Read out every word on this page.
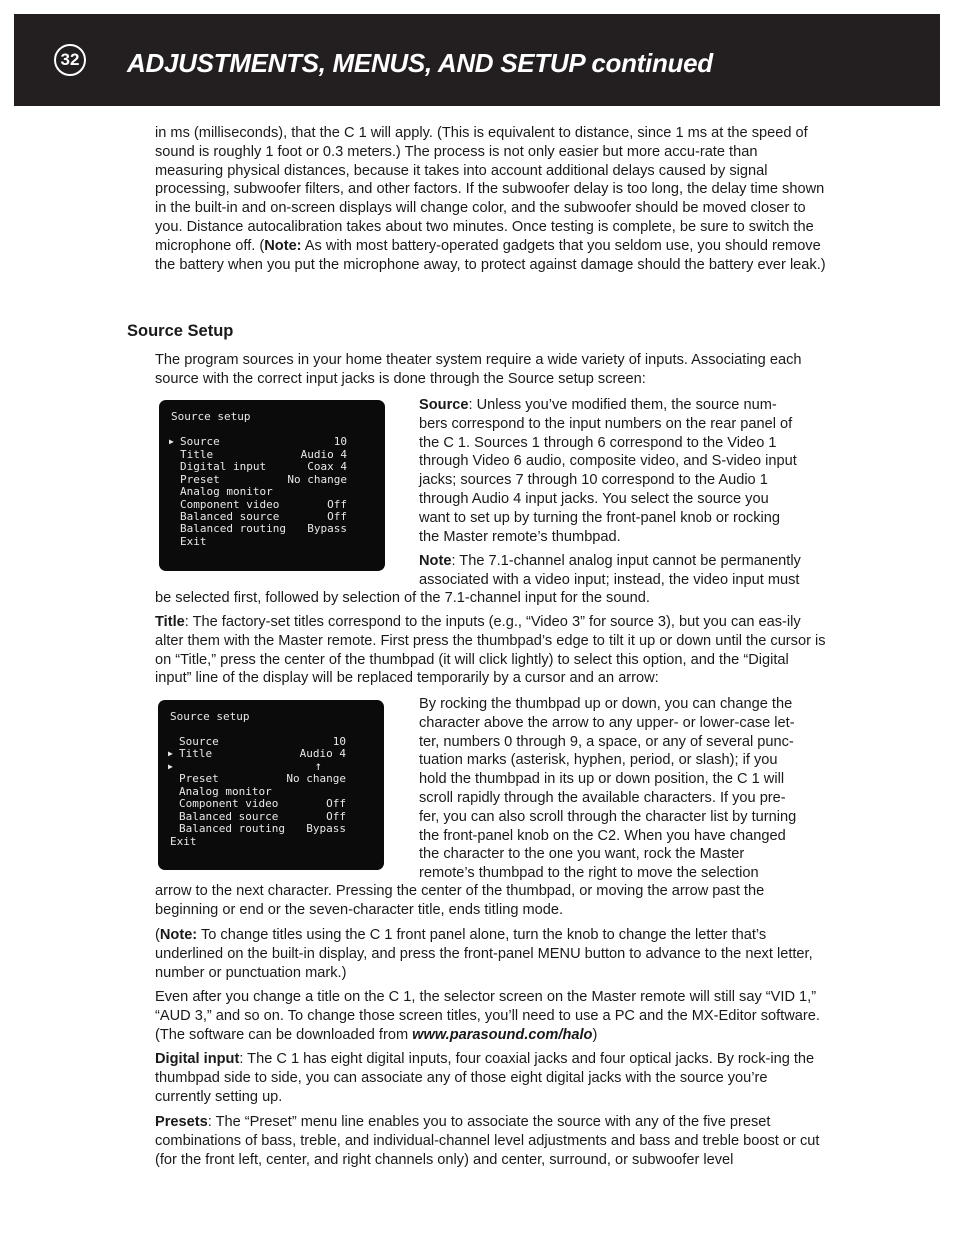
32 ADJUSTMENTS, MENUS, AND SETUP continued

in ms (milliseconds), that the C 1 will apply. (This is equivalent to distance, since 1 ms at the speed of sound is roughly 1 foot or 0.3 meters.) The process is not only easier but more accu-rate than measuring physical distances, because it takes into account additional delays caused by signal processing, subwoofer filters, and other factors. If the subwoofer delay is too long, the delay time shown in the built-in and on-screen displays will change color, and the subwoofer should be moved closer to you. Distance autocalibration takes about two minutes. Once testing is complete, be sure to switch the microphone off. (Note: As with most battery-operated gadgets that you seldom use, you should remove the battery when you put the microphone away, to protect against damage should the battery ever leak.)

Source Setup

The program sources in your home theater system require a wide variety of inputs. Associating each source with the correct input jacks is done through the Source setup screen:

Source setup
▶ Source	10
Title	Audio 4
Digital input	Coax 4
Preset	No change
Analog monitor
Component video	Off
Balanced source	Off
Balanced routing Bypass
Exit

Source: Unless you’ve modified them, the source num-
bers correspond to the input numbers on the rear panel of
the C 1. Sources 1 through 6 correspond to the Video 1
through Video 6 audio, composite video, and S-video input
jacks; sources 7 through 10 correspond to the Audio 1
through Audio 4 input jacks. You select the source you
want to set up by turning the front-panel knob or rocking
the Master remote’s thumbpad.

Note: The 7.1-channel analog input cannot be permanently
associated with a video input; instead, the video input must

be selected first, followed by selection of the 7.1-channel input for the sound.

Title: The factory-set titles correspond to the inputs (e.g., “Video 3” for source 3), but you can eas-ily alter them with the Master remote. First press the thumbpad’s edge to tilt it up or down until the cursor is on “Title,” press the center of the thumbpad (it will click lightly) to select this option, and the “Digital input” line of the display will be replaced temporarily by a cursor and an arrow:

Source setup
Source	10
▶ Title	Audio 4
▶	↑
Preset	No change
Analog monitor
Component video	Off
Balanced source	Off
Balanced routing Bypass
Exit

By rocking the thumbpad up or down, you can change the
character above the arrow to any upper- or lower-case let-
ter, numbers 0 through 9, a space, or any of several punc-
tuation marks (asterisk, hyphen, period, or slash); if you
hold the thumbpad in its up or down position, the C 1 will
scroll rapidly through the available characters. If you pre-
fer, you can also scroll through the character list by turning
the front-panel knob on the C2. When you have changed
the character to the one you want, rock the Master
remote’s thumbpad to the right to move the selection

arrow to the next character. Pressing the center of the thumbpad, or moving the arrow past the
beginning or end or the seven-character title, ends titling mode.

(Note: To change titles using the C 1 front panel alone, turn the knob to change the letter that’s underlined on the built-in display, and press the front-panel MENU button to advance to the next letter, number or punctuation mark.)

Even after you change a title on the C 1, the selector screen on the Master remote will still say “VID 1,” “AUD 3,” and so on. To change those screen titles, you’ll need to use a PC and the MX-Editor software. (The software can be downloaded from www.parasound.com/halo)

Digital input: The C 1 has eight digital inputs, four coaxial jacks and four optical jacks. By rock-ing the thumbpad side to side, you can associate any of those eight digital jacks with the source you’re currently setting up.

Presets: The “Preset” menu line enables you to associate the source with any of the five preset combinations of bass, treble, and individual-channel level adjustments and bass and treble boost or cut (for the front left, center, and right channels only) and center, surround, or subwoofer level
